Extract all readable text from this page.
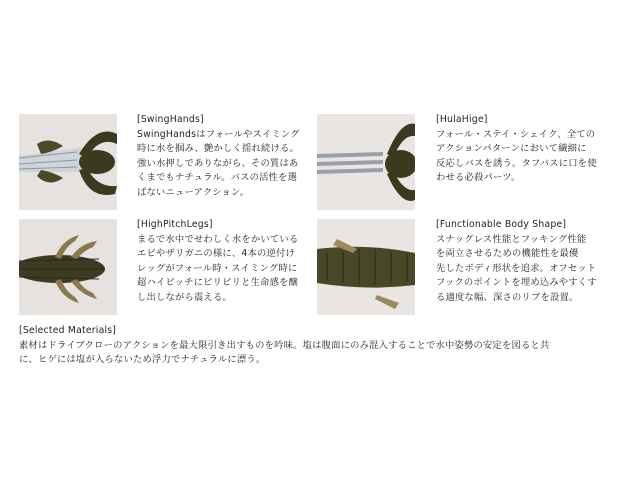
[SwingHands]
SwingHandsはフォールやスイミング
時に水を掴み、艶かしく揺れ続ける。
強い水押しでありながら、その質はあ
くまでもナチュラル。バスの活性を選
ばないニューアクション。
[HulaHige]
フォール・ステイ・シェイク、全ての
アクションパターンにおいて繊細に
反応しバスを誘う。タフバスに口を使
わせる必殺パーツ。
[HighPitchLegs]
まるで水中でせわしく水をかいている
エビやザリガニの様に、4本の逆付け
レッグがフォール時・スイミング時に
超ハイピッチにピリピリと生命感を醸
し出しながら震える。
[Functionable Body Shape]
スナッグレス性能とフッキング性能
を両立させるための機能性を最優
先したボディ形状を追求。オフセット
フックのポイントを埋め込みやすくす
る適度な幅、深さのリブを設置。
[Selected Materials]
素材はドライブクローのアクションを最大限引き出すものを吟味。塩は腹面にのみ混入することで水中姿勢の安定を図ると共
に、ヒゲには塩が入らないため浮力でナチュラルに漂う。
